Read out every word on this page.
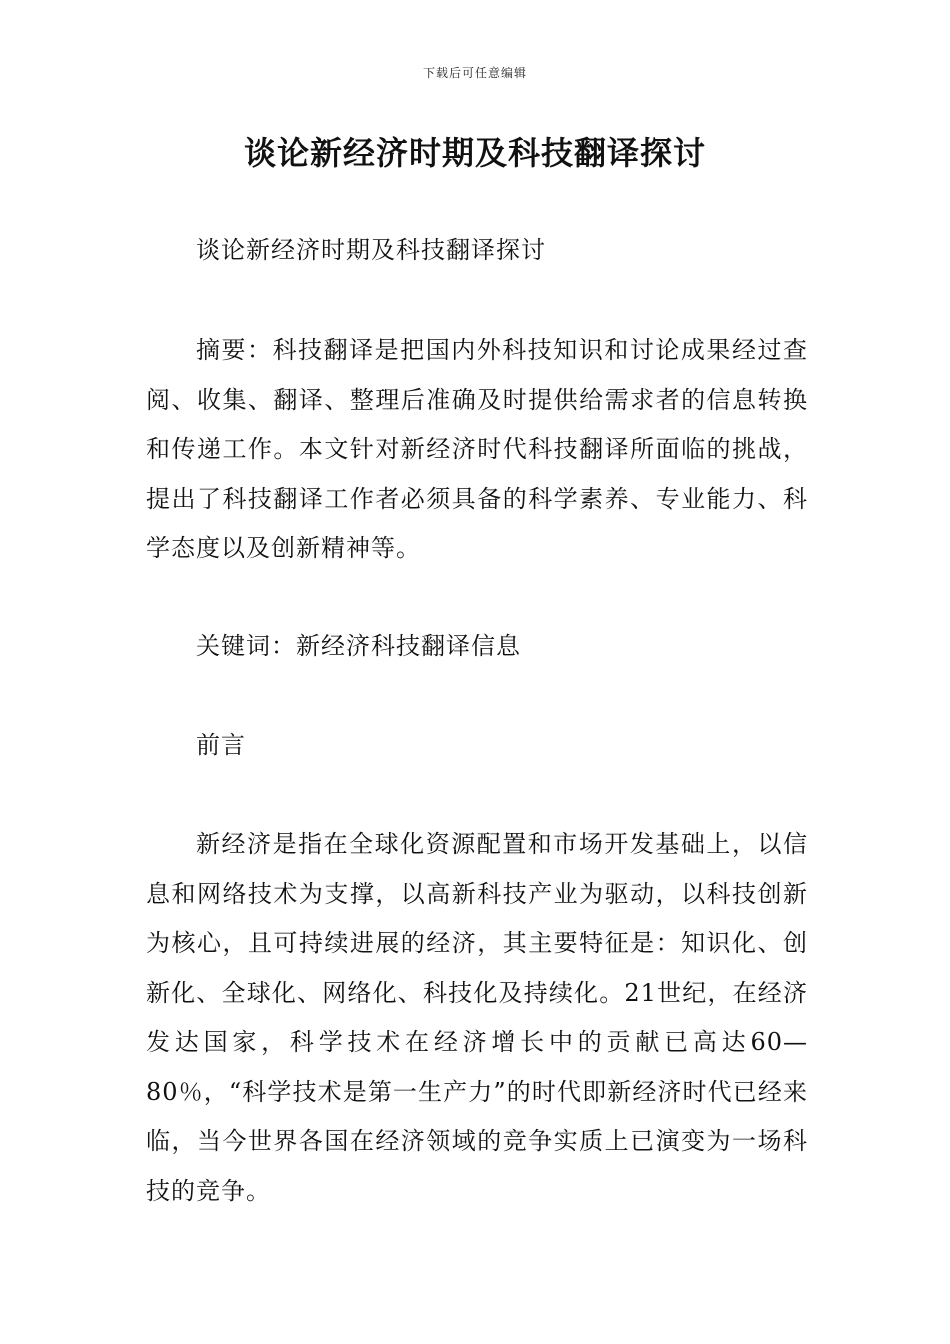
下载后可任意编辑
谈论新经济时期及科技翻译探讨

谈论新经济时期及科技翻译探讨

摘要：科技翻译是把国内外科技知识和讨论成果经过查阅、收集、翻译、整理后准确及时提供给需求者的信息转换和传递工作。本文针对新经济时代科技翻译所面临的挑战，提出了科技翻译工作者必须具备的科学素养、专业能力、科学态度以及创新精神等。

关键词：新经济科技翻译信息

前言

新经济是指在全球化资源配置和市场开发基础上，以信息和网络技术为支撑，以高新科技产业为驱动，以科技创新为核心，且可持续进展的经济，其主要特征是：知识化、创新化、全球化、网络化、科技化及持续化。21世纪，在经济发达国家，科学技术在经济增长中的贡献已高达60—80％，“科学技术是第一生产力”的时代即新经济时代已经来临，当今世界各国在经济领域的竞争实质上已演变为一场科技的竞争。
